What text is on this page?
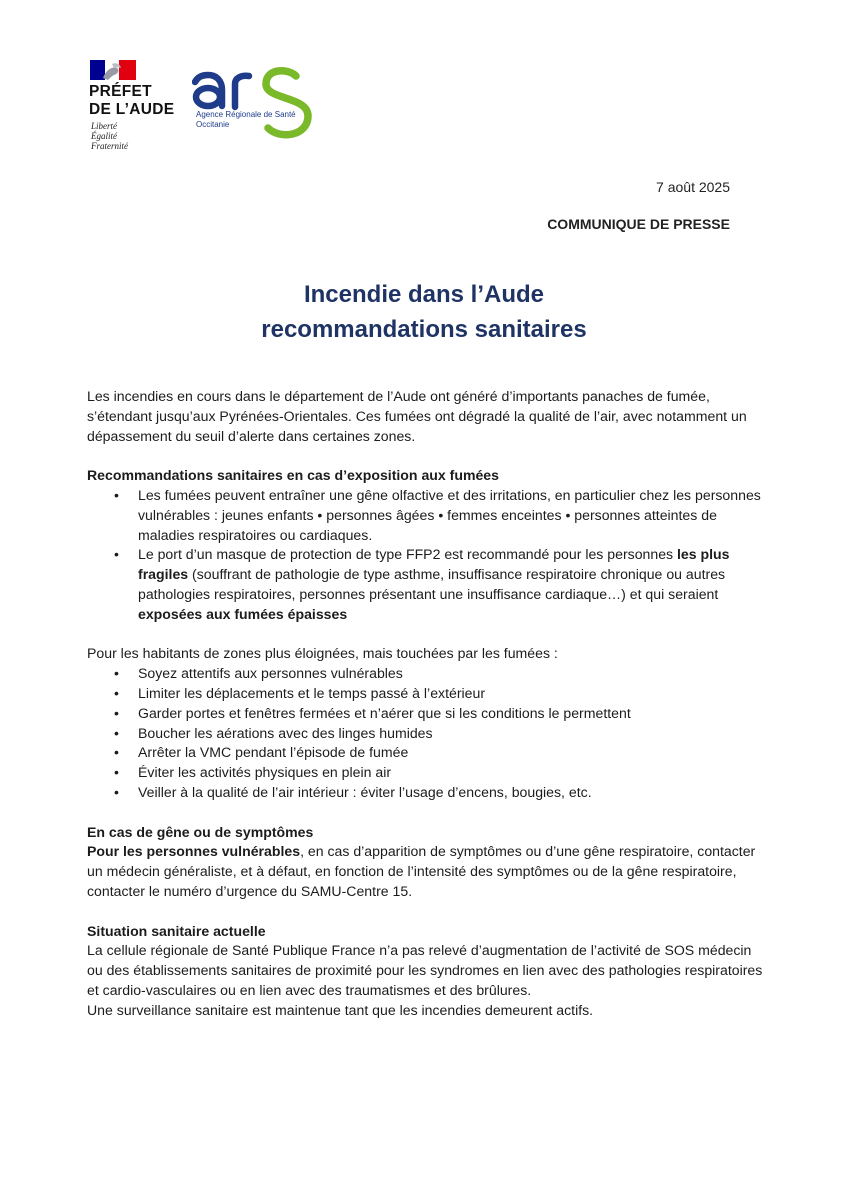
PRÉFET
DE L’AUDE
Liberté
Égalité
Fraternité
Agence Régionale de Santé
Occitanie
7 août 2025
COMMUNIQUE DE PRESSE
Incendie dans l’Aude
recommandations sanitaires

Les incendies en cours dans le département de l’Aude ont généré d’importants panaches de fumée, s’étendant jusqu’aux Pyrénées-Orientales. Ces fumées ont dégradé la qualité de l’air, avec notamment un dépassement du seuil d’alerte dans certaines zones.

Recommandations sanitaires en cas d’exposition aux fumées

• Les fumées peuvent entraîner une gêne olfactive et des irritations, en particulier chez les personnes vulnérables : jeunes enfants • personnes âgées • femmes enceintes • personnes atteintes de maladies respiratoires ou cardiaques.
• Le port d’un masque de protection de type FFP2 est recommandé pour les personnes les plus fragiles (souffrant de pathologie de type asthme, insuffisance respiratoire chronique ou autres pathologies respiratoires, personnes présentant une insuffisance cardiaque…) et qui seraient exposées aux fumées épaisses

Pour les habitants de zones plus éloignées, mais touchées par les fumées :

• Soyez attentifs aux personnes vulnérables
• Limiter les déplacements et le temps passé à l’extérieur
• Garder portes et fenêtres fermées et n’aérer que si les conditions le permettent
• Boucher les aérations avec des linges humides
• Arrêter la VMC pendant l’épisode de fumée
• Éviter les activités physiques en plein air
• Veiller à la qualité de l’air intérieur : éviter l’usage d’encens, bougies, etc.

En cas de gêne ou de symptômes

Pour les personnes vulnérables, en cas d’apparition de symptômes ou d’une gêne respiratoire, contacter un médecin généraliste, et à défaut, en fonction de l’intensité des symptômes ou de la gêne respiratoire, contacter le numéro d’urgence du SAMU-Centre 15.

Situation sanitaire actuelle

La cellule régionale de Santé Publique France n’a pas relevé d’augmentation de l’activité de SOS médecin ou des établissements sanitaires de proximité pour les syndromes en lien avec des pathologies respiratoires et cardio-vasculaires ou en lien avec des traumatismes et des brûlures.

Une surveillance sanitaire est maintenue tant que les incendies demeurent actifs.
